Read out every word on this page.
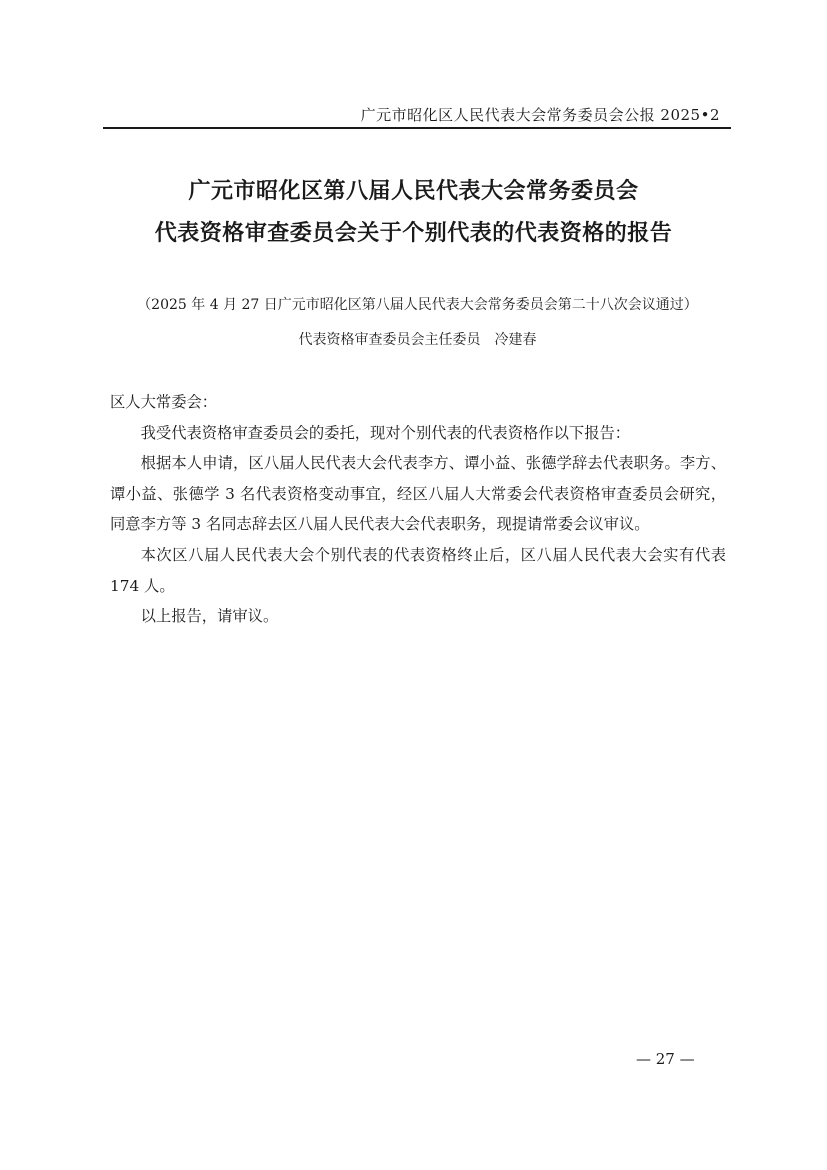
广元市昭化区人民代表大会常务委员会公报 2025•2
广元市昭化区第八届人民代表大会常务委员会
代表资格审查委员会关于个别代表的代表资格的报告
（2025 年 4 月 27 日广元市昭化区第八届人民代表大会常务委员会第二十八次会议通过）
代表资格审查委员会主任委员　冷建春

区人大常委会：

我受代表资格审查委员会的委托，现对个别代表的代表资格作以下报告：

根据本人申请，区八届人民代表大会代表李方、谭小益、张德学辞去代表职务。李方、谭小益、张德学 3 名代表资格变动事宜，经区八届人大常委会代表资格审查委员会研究，同意李方等 3 名同志辞去区八届人民代表大会代表职务，现提请常委会议审议。

本次区八届人民代表大会个别代表的代表资格终止后，区八届人民代表大会实有代表 174 人。

以上报告，请审议。

— 27 —
